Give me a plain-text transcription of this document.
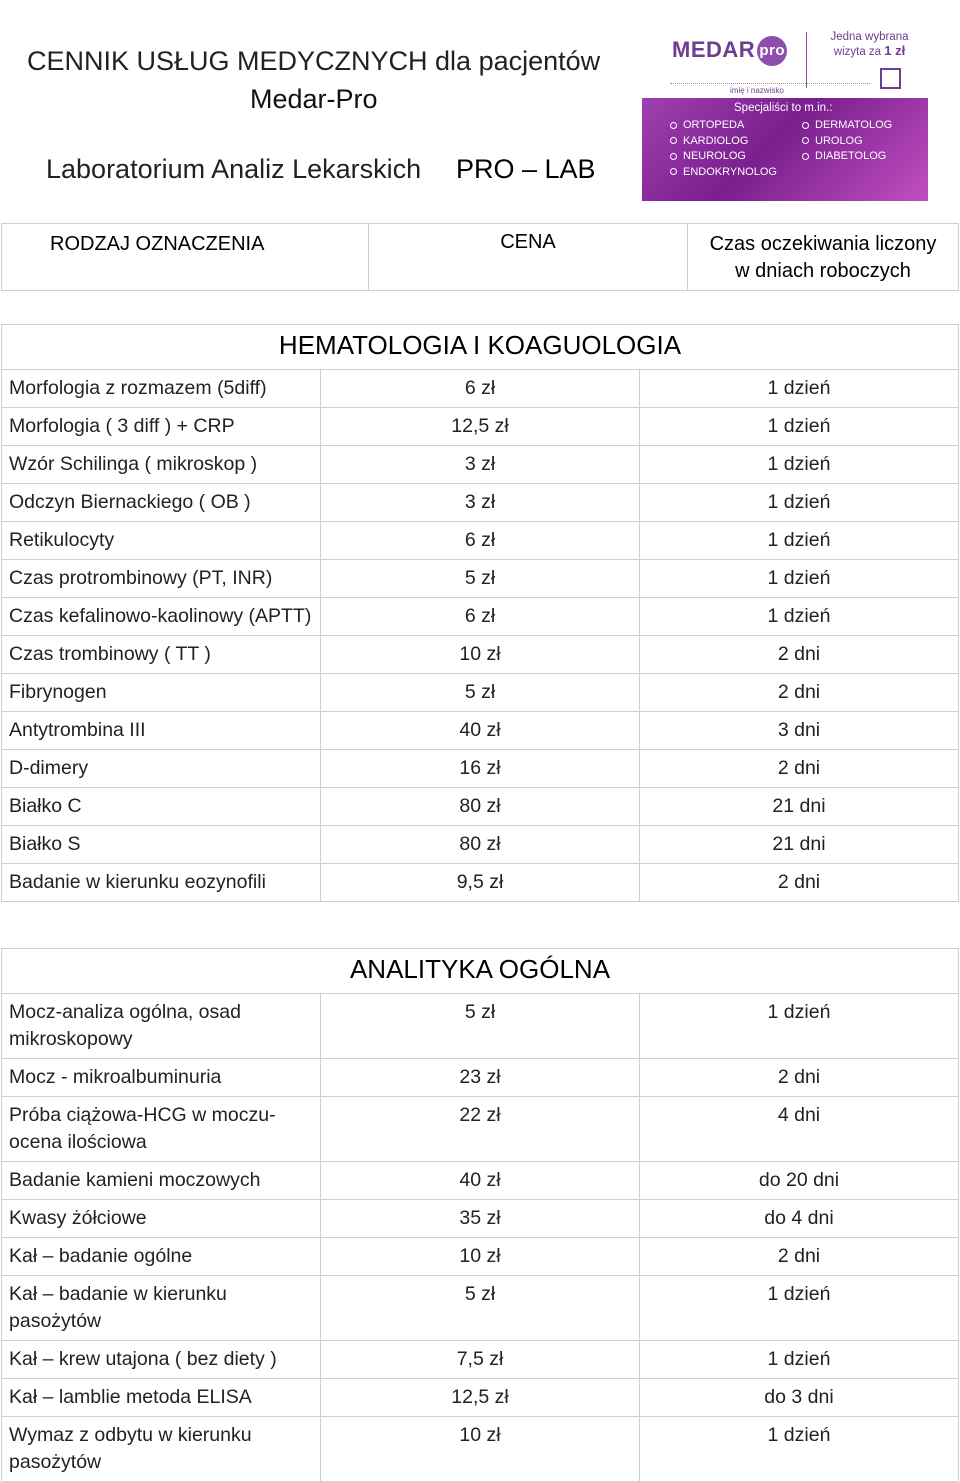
CENNIK USŁUG MEDYCZNYCH dla pacjentów
Medar-Pro
Laboratorium Analiz Lekarskich PRO – LAB
MEDAR pro
Jedna wybrana
wizyta za 1 zł
imię i nazwisko
Specjaliści to m.in.:
ORTOPEDA
KARDIOLOG
NEUROLOG
ENDOKRYNOLOG
DERMATOLOG
UROLOG
DIABETOLOG
RODZAJ OZNACZENIA	CENA	Czas oczekiwania liczony
w dniach roboczych
HEMATOLOGIA I KOAGUOLOGIA		
Morfologia z rozmazem (5diff)	6 zł	1 dzień
Morfologia ( 3 diff ) + CRP	12,5 zł	1 dzień
Wzór Schilinga ( mikroskop )	3 zł	1 dzień
Odczyn Biernackiego ( OB )	3 zł	1 dzień
Retikulocyty	6 zł	1 dzień
Czas protrombinowy (PT, INR)	5 zł	1 dzień
Czas kefalinowo-kaolinowy (APTT)	6 zł	1 dzień
Czas trombinowy ( TT )	10 zł	2 dni
Fibrynogen	5 zł	2 dni
Antytrombina III	40 zł	3 dni
D-dimery	16 zł	2 dni
Białko C	80 zł	21 dni
Białko S	80 zł	21 dni
Badanie w kierunku eozynofili	9,5 zł	2 dni
ANALITYKA OGÓLNA		
Mocz-analiza ogólna, osad mikroskopowy	5 zł	1 dzień
Mocz - mikroalbuminuria	23 zł	2 dni
Próba ciążowa-HCG w moczu-ocena ilościowa	22 zł	4 dni
Badanie kamieni moczowych	40 zł	do 20 dni
Kwasy żółciowe	35 zł	do 4 dni
Kał – badanie ogólne	10 zł	2 dni
Kał – badanie w kierunku pasożytów	5 zł	1 dzień
Kał – krew utajona ( bez diety )	7,5 zł	1 dzień
Kał – lamblie metoda ELISA	12,5 zł	do 3 dni
Wymaz z odbytu w kierunku pasożytów	10 zł	1 dzień
